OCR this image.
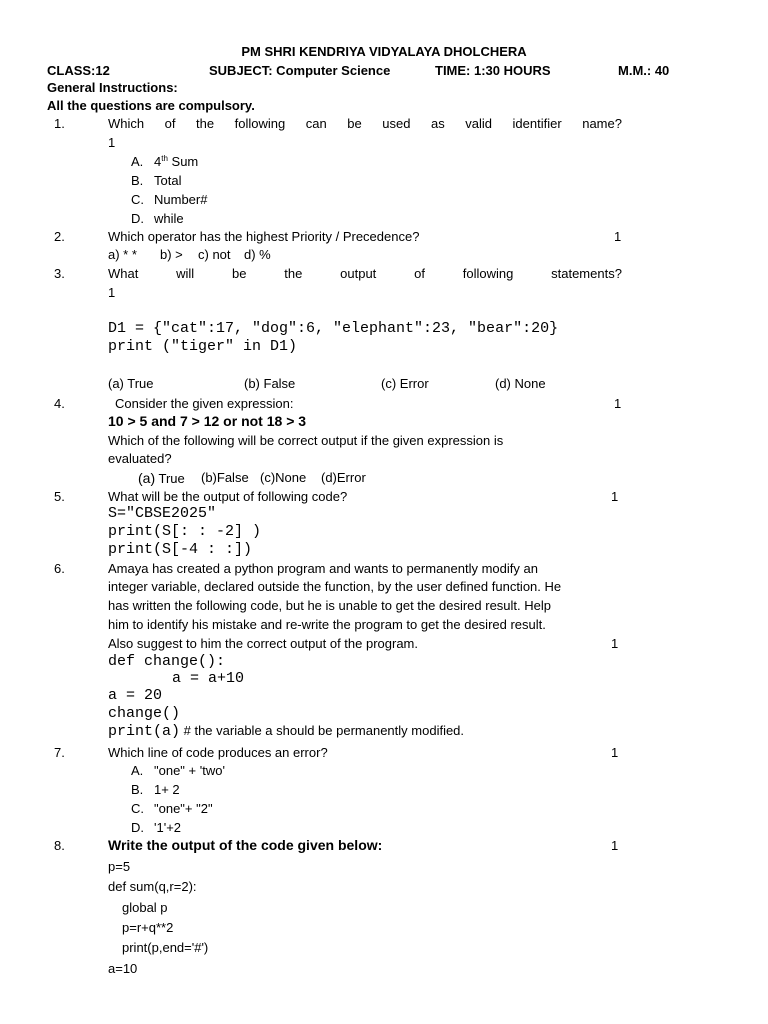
PM SHRI KENDRIYA VIDYALAYA DHOLCHERA
CLASS:12	SUBJECT: Computer Science	TIME: 1:30 HOURS	M.M.: 40
General Instructions:
All the questions are compulsory.
1.	Which of the following can be used as valid identifier name?
1
A. 4th Sum
B. Total
C. Number#
D. while
2.	Which operator has the highest Priority / Precedence?	1
a) * * b) > c) not d) %
3.	What	will	be	the	output	of	following	statements?
1
D1 = {"cat":17, "dog":6, "elephant":23, "bear":20}
print ("tiger" in D1)
(a) True	(b) False	(c) Error	(d) None
4.	Consider the given expression:	1
10 > 5 and 7 > 12 or not 18 > 3
Which of the following will be correct output if the given expression is
evaluated?
(a) True (b)False (c)None (d)Error
5.	What will be the output of following code?	1
S="CBSE2025"
print(S[: : -2] )
print(S[-4 : :])
6.	Amaya has created a python program and wants to permanently modify an
integer variable, declared outside the function, by the user defined function. He
has written the following code, but he is unable to get the desired result. Help
him to identify his mistake and re-write the program to get the desired result.
Also suggest to him the correct output of the program.	1
def change():
a = a+10
a = 20
change()
print(a) # the variable a should be permanently modified.
7.	Which line of code produces an error?	1
A. "one" + 'two'
B. 1+ 2
C. "one"+ "2"
D. '1'+2
8.	Write the output of the code given below:	1
p=5
def sum(q,r=2):
global p
p=r+q**2
print(p,end='#')
a=10
